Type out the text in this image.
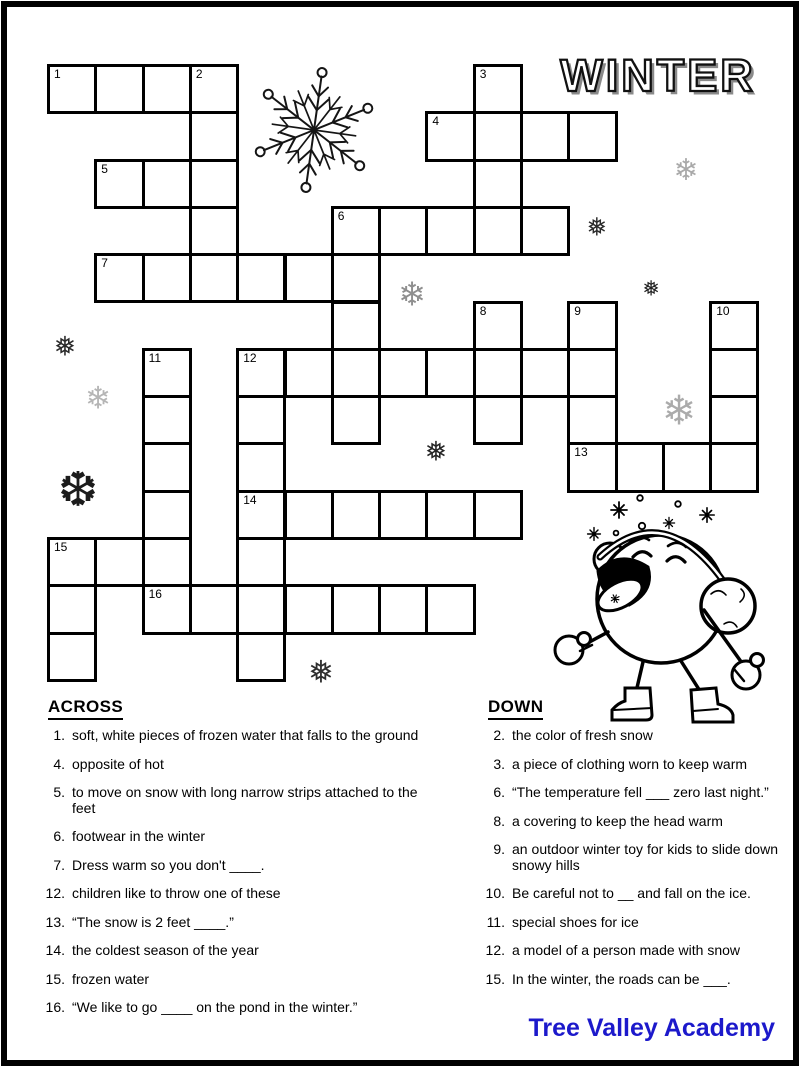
WINTER
1	2
4
5
6
7
12
13
14
15
16
3
8	9	10
11
❄
❅
❅
❄
❅
❄	❄
❅
❆
❅
ACROSS
1. soft, white pieces of frozen water that falls to the ground
4. opposite of hot
5. to move on snow with long narrow strips attached to the feet
6. footwear in the winter
7. Dress warm so you don't ____.
12. children like to throw one of these
13. “The snow is 2 feet ____.”
14. the coldest season of the year
15. frozen water
16. “We like to go ____ on the pond in the winter.”
DOWN
2. the color of fresh snow
3. a piece of clothing worn to keep warm
6. “The temperature fell ___ zero last night.”
8. a covering to keep the head warm
9. an outdoor winter toy for kids to slide down snowy hills
10. Be careful not to __ and fall on the ice.
11. special shoes for ice
12. a model of a person made with snow
15. In the winter, the roads can be ___.
Tree Valley Academy
